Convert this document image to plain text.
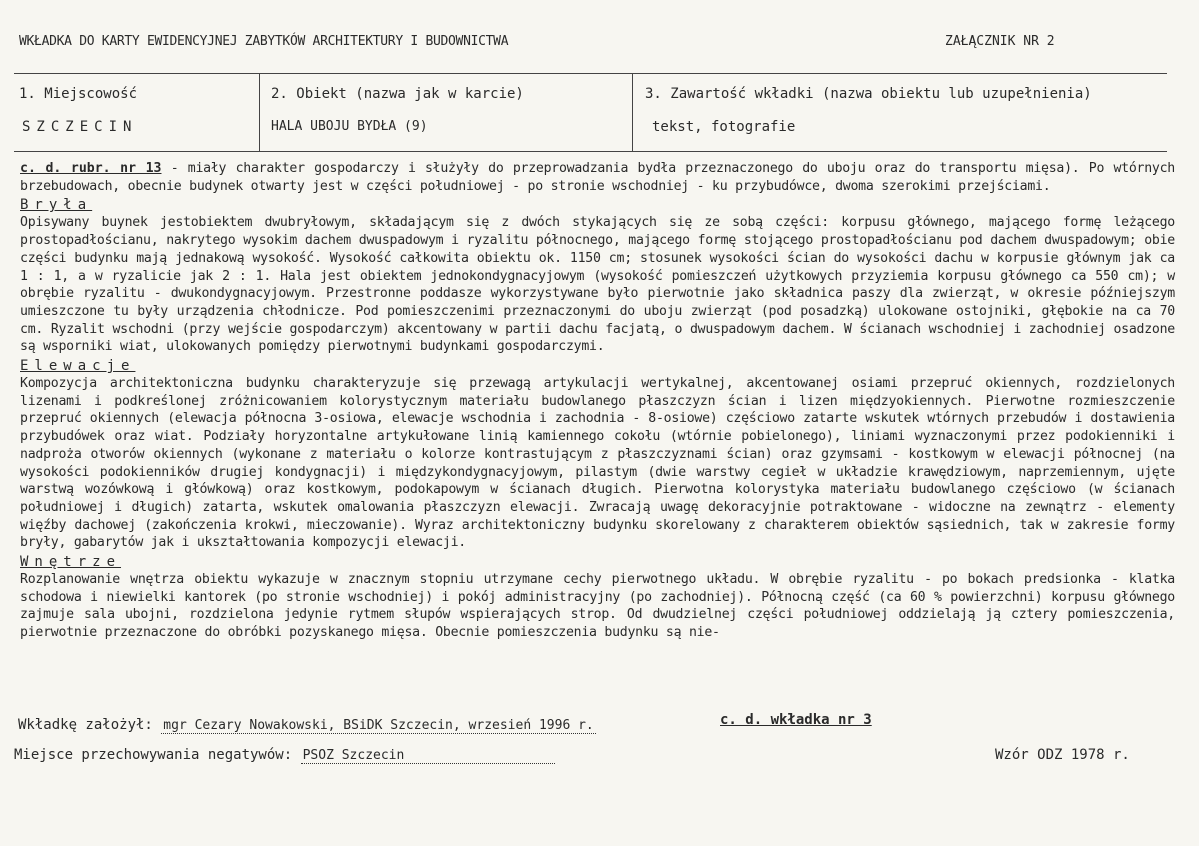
WKŁADKA DO KARTY EWIDENCYJNEJ ZABYTKÓW ARCHITEKTURY I BUDOWNICTWA	ZAŁĄCZNIK NR 2
1. Miejscowość
SZCZECIN
2. Obiekt (nazwa jak w karcie)
HALA UBOJU BYDŁA (9)
3. Zawartość wkładki (nazwa obiektu lub uzupełnienia)
tekst, fotografie

c. d. rubr. nr 13 - miały charakter gospodarczy i służyły do przeprowadzania bydła przeznaczonego do uboju oraz do transportu mięsa). Po wtórnych brzebudowach, obecnie budynek otwarty jest w części południowej - po stronie wschodniej - ku przybudówce, dwoma szerokimi przejściami.

Bryła

Opisywany buynek jestobiektem dwubryłowym, składającym się z dwóch stykających się ze sobą części: korpusu głównego, mającego formę leżącego prostopadłościanu, nakrytego wysokim dachem dwuspadowym i ryzalitu północnego, mającego formę stojącego prostopadłościanu pod dachem dwuspadowym; obie części budynku mają jednakową wysokość. Wysokość całkowita obiektu ok. 1150 cm; stosunek wysokości ścian do wysokości dachu w korpusie głównym jak ca 1 : 1, a w ryzalicie jak 2 : 1. Hala jest obiektem jednokondygnacyjowym (wysokość pomieszczeń użytkowych przyziemia korpusu głównego ca 550 cm); w obrębie ryzalitu - dwukondygnacyjowym. Przestronne poddasze wykorzystywane było pierwotnie jako składnica paszy dla zwierząt, w okresie późniejszym umieszczone tu były urządzenia chłodnicze. Pod pomieszczenimi przeznaczonymi do uboju zwierząt (pod posadzką) ulokowane ostojniki, głębokie na ca 70 cm. Ryzalit wschodni (przy wejście gospodarczym) akcentowany w partii dachu facjatą, o dwuspadowym dachem. W ścianach wschodniej i zachodniej osadzone są wsporniki wiat, ulokowanych pomiędzy pierwotnymi budynkami gospodarczymi.

Elewacje

Kompozycja architektoniczna budynku charakteryzuje się przewagą artykulacji wertykalnej, akcentowanej osiami przepruć okiennych, rozdzielonych lizenami i podkreślonej zróżnicowaniem kolorystycznym materiału budowlanego płaszczyzn ścian i lizen międzyokiennych. Pierwotne rozmieszczenie przepruć okiennych (elewacja północna 3-osiowa, elewacje wschodnia i zachodnia - 8-osiowe) częściowo zatarte wskutek wtórnych przebudów i dostawienia przybudówek oraz wiat. Podziały horyzontalne artykułowane linią kamiennego cokołu (wtórnie pobielonego), liniami wyznaczonymi przez podokienniki i nadproża otworów okiennych (wykonane z materiału o kolorze kontrastującym z płaszczyznami ścian) oraz gzymsami - kostkowym w elewacji północnej (na wysokości podokienników drugiej kondygnacji) i międzykondygnacyjowym, pilastym (dwie warstwy cegieł w układzie krawędziowym, naprzemiennym, ujęte warstwą wozówkową i główkową) oraz kostkowym, podokapowym w ścianach długich. Pierwotna kolorystyka materiału budowlanego częściowo (w ścianach południowej i długich) zatarta, wskutek omalowania płaszczyzn elewacji. Zwracają uwagę dekoracyjnie potraktowane - widoczne na zewnątrz - elementy więźby dachowej (zakończenia krokwi, mieczowanie). Wyraz architektoniczny budynku skorelowany z charakterem obiektów sąsiednich, tak w zakresie formy bryły, gabarytów jak i ukształtowania kompozycji elewacji.

Wnętrze

Rozplanowanie wnętrza obiektu wykazuje w znacznym stopniu utrzymane cechy pierwotnego układu. W obrębie ryzalitu - po bokach predsionka - klatka schodowa i niewielki kantorek (po stronie wschodniej) i pokój administracyjny (po zachodniej). Północną część (ca 60 % powierzchni) korpusu głównego zajmuje sala ubojni, rozdzielona jedynie rytmem słupów wspierających strop. Od dwudzielnej części południowej oddzielają ją cztery pomieszczenia, pierwotnie przeznaczone do obróbki pozyskanego mięsa. Obecnie pomieszczenia budynku są nie-

Wkładkę założył: mgr Cezary Nowakowski, BSiDK Szczecin, wrzesień 1996 r.	c. d. wkładka nr 3
Miejsce przechowywania negatywów: PSOZ Szczecin	Wzór ODZ 1978 r.
